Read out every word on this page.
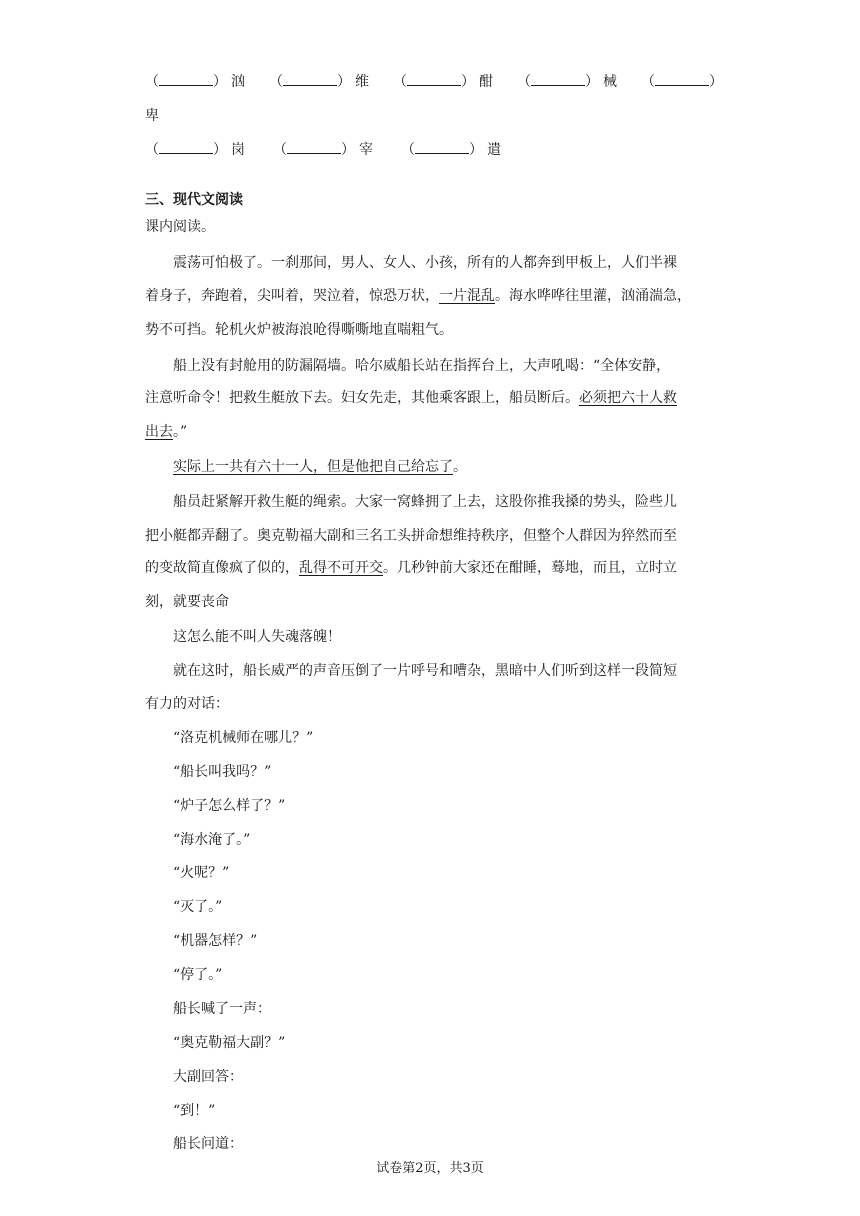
（	） 汹 （	） 维 （	） 酣 （	） 械 （	）
卑
（	） 岗 （	） 宰 （	） 遣
三、现代文阅读
课内阅读。
震荡可怕极了。一刹那间，男人、女人、小孩，所有的人都奔到甲板上，人们半裸
着身子，奔跑着，尖叫着，哭泣着，惊恐万状，一片混乱。海水哗哗往里灌，汹涌湍急，
势不可挡。轮机火炉被海浪呛得嘶嘶地直喘粗气。
船上没有封舱用的防漏隔墙。哈尔威船长站在指挥台上，大声吼喝：“全体安静，
注意听命令！把救生艇放下去。妇女先走，其他乘客跟上，船员断后。必须把六十人救
出去。”
实际上一共有六十一人，但是他把自己给忘了。
船员赶紧解开救生艇的绳索。大家一窝蜂拥了上去，这股你推我搡的势头，险些儿
把小艇都弄翻了。奥克勒福大副和三名工头拼命想维持秩序，但整个人群因为猝然而至
的变故简直像疯了似的，乱得不可开交。几秒钟前大家还在酣睡，蓦地，而且，立时立
刻，就要丧命
这怎么能不叫人失魂落魄！
就在这时，船长威严的声音压倒了一片呼号和嘈杂，黑暗中人们听到这样一段简短
有力的对话：
“洛克机械师在哪儿？”
“船长叫我吗？”
“炉子怎么样了？”
“海水淹了。”
“火呢？”
“灭了。”
“机器怎样？”
“停了。”
船长喊了一声：
“奥克勒福大副？”
大副回答：
“到！”
船长问道：
试卷第2页，共3页
